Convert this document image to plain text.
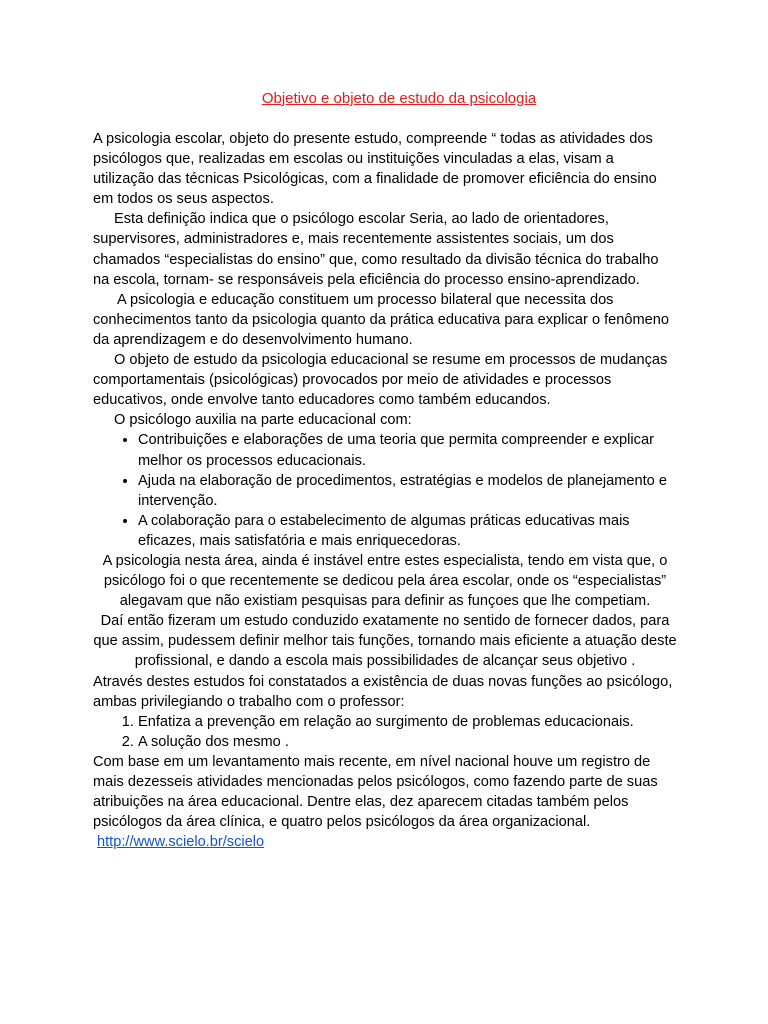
Objetivo e objeto de estudo da psicologia

A psicologia escolar, objeto do presente estudo, compreende “ todas as atividades dos psicólogos que, realizadas em escolas ou instituições vinculadas a elas, visam a utilização das técnicas Psicológicas, com a finalidade de promover eficiência do ensino em todos os seus aspectos.

Esta definição indica que o psicólogo escolar Seria, ao lado de orientadores, supervisores, administradores e, mais recentemente assistentes sociais, um dos chamados “especialistas do ensino” que, como resultado da divisão técnica do trabalho na escola, tornam- se responsáveis pela eficiência do processo ensino-aprendizado.

A psicologia e educação constituem um processo bilateral que necessita dos conhecimentos tanto da psicologia quanto da prática educativa para explicar o fenômeno da aprendizagem e do desenvolvimento humano.

O objeto de estudo da psicologia educacional se resume em processos de mudanças comportamentais (psicológicas) provocados por meio de atividades e processos educativos, onde envolve tanto educadores como também educandos.

O psicólogo auxilia na parte educacional com:

• Contribuições e elaborações de uma teoria que permita compreender e explicar melhor os processos educacionais.
• Ajuda na elaboração de procedimentos, estratégias e modelos de planejamento e intervenção.
• A colaboração para o estabelecimento de algumas práticas educativas mais eficazes, mais satisfatória e mais enriquecedoras.

A psicologia nesta área, ainda é instável entre estes especialista, tendo em vista que, o psicólogo foi o que recentemente se dedicou pela área escolar, onde os “especialistas” alegavam que não existiam pesquisas para definir as funçoes que lhe competiam.

Daí então fizeram um estudo conduzido exatamente no sentido de fornecer dados, para que assim, pudessem definir melhor tais funções, tornando mais eficiente a atuação deste profissional, e dando a escola mais possibilidades de alcançar seus objetivo .

Através destes estudos foi constatados a existência de duas novas funções ao psicólogo, ambas privilegiando o trabalho com o professor:

1. Enfatiza a prevenção em relação ao surgimento de problemas educacionais.
2. A solução dos mesmo .

Com base em um levantamento mais recente, em nível nacional houve um registro de mais dezesseis atividades mencionadas pelos psicólogos, como fazendo parte de suas atribuições na área educacional. Dentre elas, dez aparecem citadas também pelos psicólogos da área clínica, e quatro pelos psicólogos da área organizacional.

http://www.scielo.br/scielo
